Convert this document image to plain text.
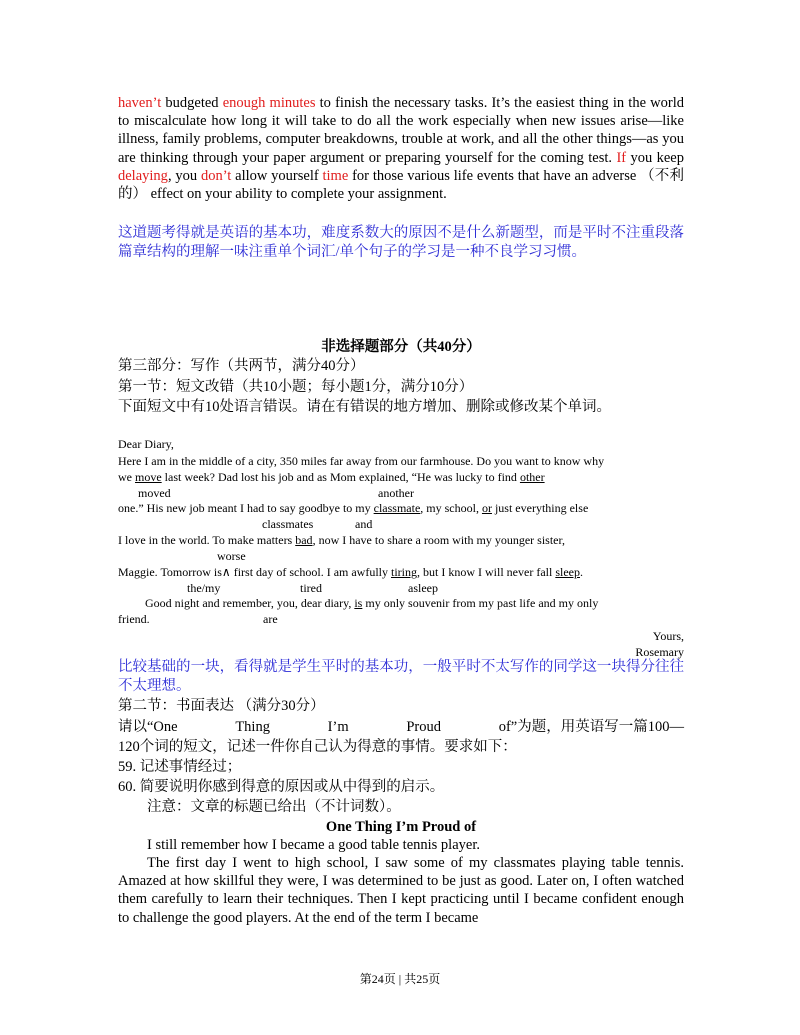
haven’t budgeted enough minutes to finish the necessary tasks. It’s the easiest thing in the world to miscalculate how long it will take to do all the work especially when new issues arise—like illness, family problems, computer breakdowns, trouble at work, and all the other things—as you are thinking through your paper argument or preparing yourself for the coming test. If you keep delaying, you don’t allow yourself time for those various life events that have an adverse （不利的） effect on your ability to complete your assignment.

这道题考得就是英语的基本功，难度系数大的原因不是什么新题型，而是平时不注重段落篇章结构的理解一味注重单个词汇/单个句子的学习是一种不良学习习惯。

非选择题部分（共40分）

第三部分：写作（共两节，满分40分）

第一节：短文改错（共10小题；每小题1分，满分10分）

下面短文中有10处语言错误。请在有错误的地方增加、删除或修改某个单词。

Dear Diary,
Here I am in the middle of a city, 350 miles far away from our farmhouse. Do you want to know why
we move last week? Dad lost his job and as Mom explained, “He was lucky to find other
moved	another
one.” His new job meant I had to say goodbye to my classmate, my school, or just everything else
classmates	and
I love in the world. To make matters bad, now I have to share a room with my younger sister,
worse
Maggie. Tomorrow is∧ first day of school. I am awfully tiring, but I know I will never fall sleep.
the/my	tired	asleep
Good night and remember, you, dear diary, is my only souvenir from my past life and my only
friend.	are
Yours,
Rosemary

比较基础的一块，看得就是学生平时的基本功，一般平时不太写作的同学这一块得分往往不太理想。

第二节：书面表达 （满分30分）

请以“One	Thing	I’m	Proud	of”为题，用英语写一篇100—

120个词的短文，记述一件你自己认为得意的事情。要求如下：

59. 记述事情经过；

60. 简要说明你感到得意的原因或从中得到的启示。

注意：文章的标题已给出（不计词数）。

One Thing I’m Proud of

I still remember how I became a good table tennis player.

The first day I went to high school, I saw some of my classmates playing table tennis. Amazed at how skillful they were, I was determined to be just as good. Later on, I often watched them carefully to learn their techniques. Then I kept practicing until I became confident enough to challenge the good players. At the end of the term I became

第24页 | 共25页
